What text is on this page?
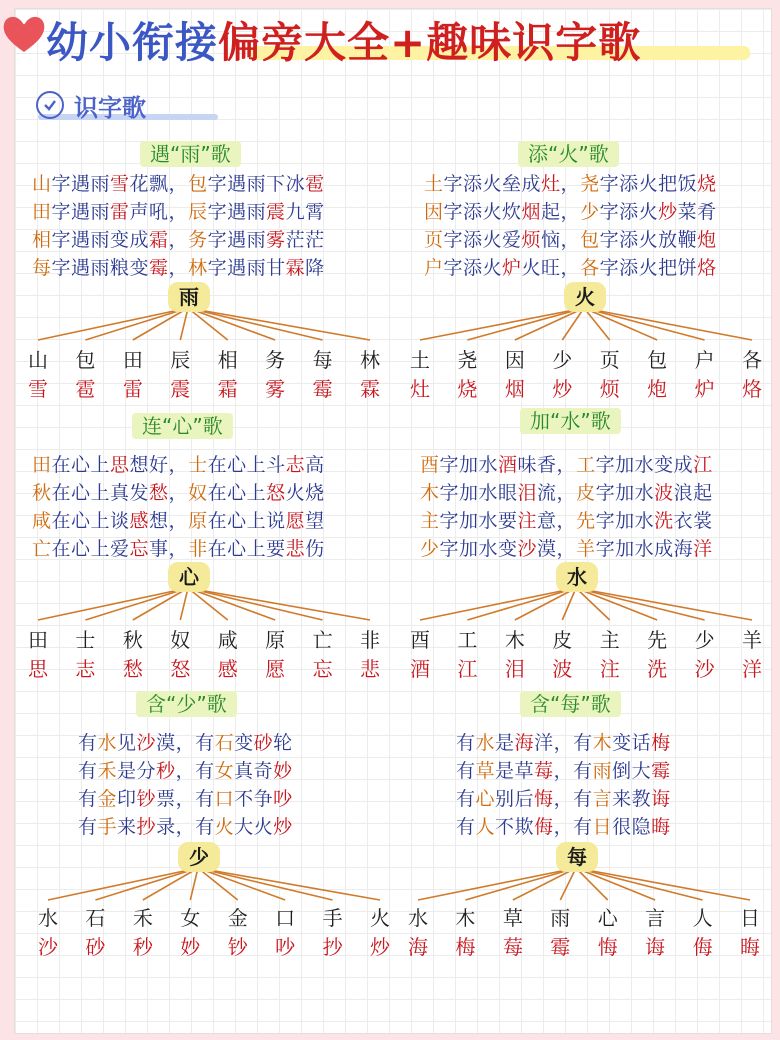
幼小衔接偏旁大全+趣味识字歌
识字歌
遇“雨”歌
山字遇雨雪花飘，包字遇雨下冰雹
田字遇雨雷声吼，辰字遇雨震九霄
相字遇雨变成霜，务字遇雨雾茫茫
每字遇雨粮变霉，林字遇雨甘霖降
雨
山 包 田 辰 相 务 每 林
雪 雹 雷 震 霜 雾 霉 霖
添“火”歌
土字添火垒成灶，尧字添火把饭烧
因字添火炊烟起，少字添火炒菜肴
页字添火爱烦恼，包字添火放鞭炮
户字添火炉火旺，各字添火把饼烙
火
土 尧 因 少 页 包 户 各
灶 烧 烟 炒 烦 炮 炉 烙
连“心”歌
田在心上思想好，士在心上斗志高
秋在心上真发愁，奴在心上怒火烧
咸在心上谈感想，原在心上说愿望
亡在心上爱忘事，非在心上要悲伤
心
田 士 秋 奴 咸 原 亡 非
思 志 愁 怒 感 愿 忘 悲
加“水”歌
酉字加水酒味香，工字加水变成江
木字加水眼泪流，皮字加水波浪起
主字加水要注意，先字加水洗衣裳
少字加水变沙漠，羊字加水成海洋
水
酉 工 木 皮 主 先 少 羊
酒 江 泪 波 注 洗 沙 洋
含“少”歌
有水见沙漠，有石变砂轮
有禾是分秒，有女真奇妙
有金印钞票，有口不争吵
有手来抄录，有火大火炒
少
水 石 禾 女 金 口 手 火
沙 砂 秒 妙 钞 吵 抄 炒
含“每”歌
有水是海洋，有木变话梅
有草是草莓，有雨倒大霉
有心别后悔，有言来教诲
有人不欺侮，有日很隐晦
每
水 木 草 雨 心 言 人 日
海 梅 莓 霉 悔 诲 侮 晦
